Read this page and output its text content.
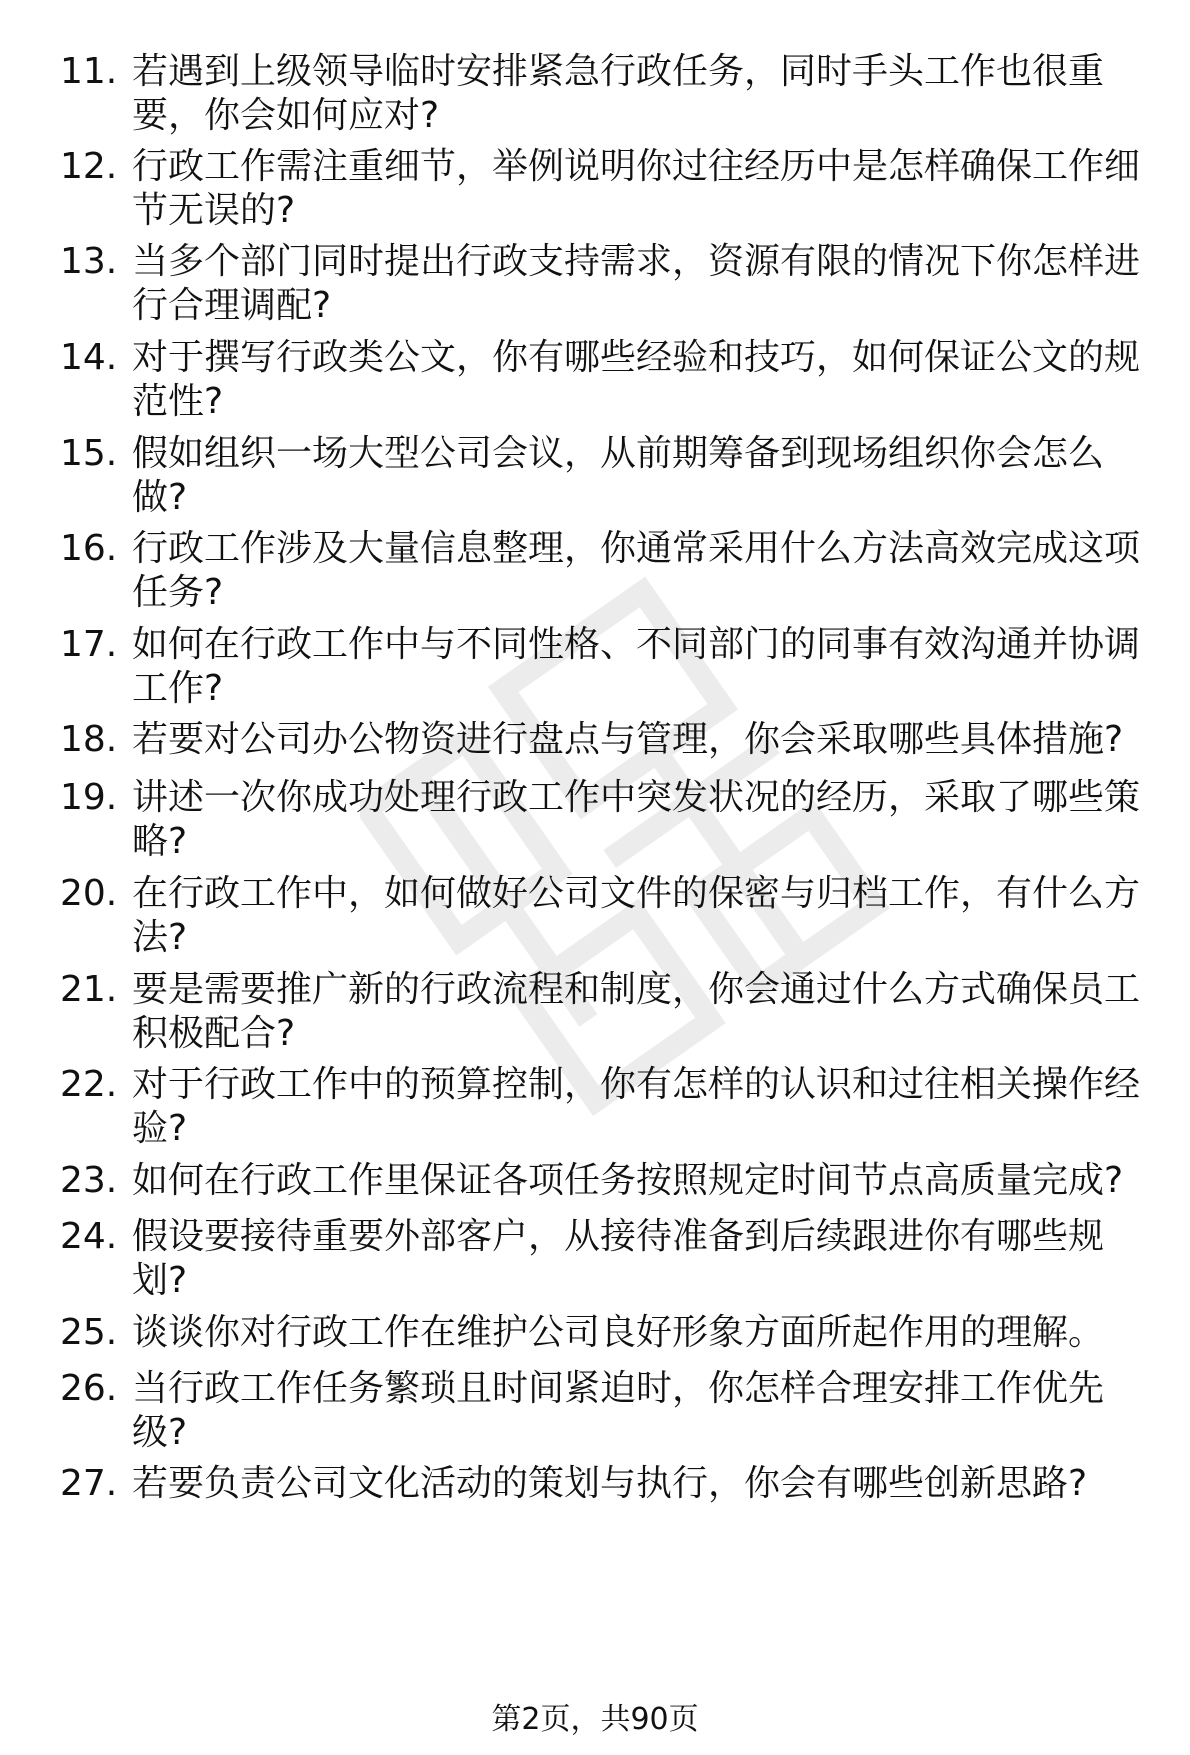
11. 若遇到上级领导临时安排紧急行政任务，同时手头工作也很重
要，你会如何应对?
12. 行政工作需注重细节，举例说明你过往经历中是怎样确保工作细
节无误的?
13. 当多个部门同时提出行政支持需求，资源有限的情况下你怎样进
行合理调配?
14. 对于撰写行政类公文，你有哪些经验和技巧，如何保证公文的规
范性?
15. 假如组织一场大型公司会议，从前期筹备到现场组织你会怎么
做?
16. 行政工作涉及大量信息整理，你通常采用什么方法高效完成这项
任务?
17. 如何在行政工作中与不同性格、不同部门的同事有效沟通并协调
工作?
18. 若要对公司办公物资进行盘点与管理，你会采取哪些具体措施?
19. 讲述一次你成功处理行政工作中突发状况的经历，采取了哪些策
略?
20. 在行政工作中，如何做好公司文件的保密与归档工作，有什么方
法?
21. 要是需要推广新的行政流程和制度，你会通过什么方式确保员工
积极配合?
22. 对于行政工作中的预算控制，你有怎样的认识和过往相关操作经
验?
23. 如何在行政工作里保证各项任务按照规定时间节点高质量完成?
24. 假设要接待重要外部客户，从接待准备到后续跟进你有哪些规
划?
25. 谈谈你对行政工作在维护公司良好形象方面所起作用的理解。
26. 当行政工作任务繁琐且时间紧迫时，你怎样合理安排工作优先
级?
27. 若要负责公司文化活动的策划与执行，你会有哪些创新思路?
第2页，共90页
